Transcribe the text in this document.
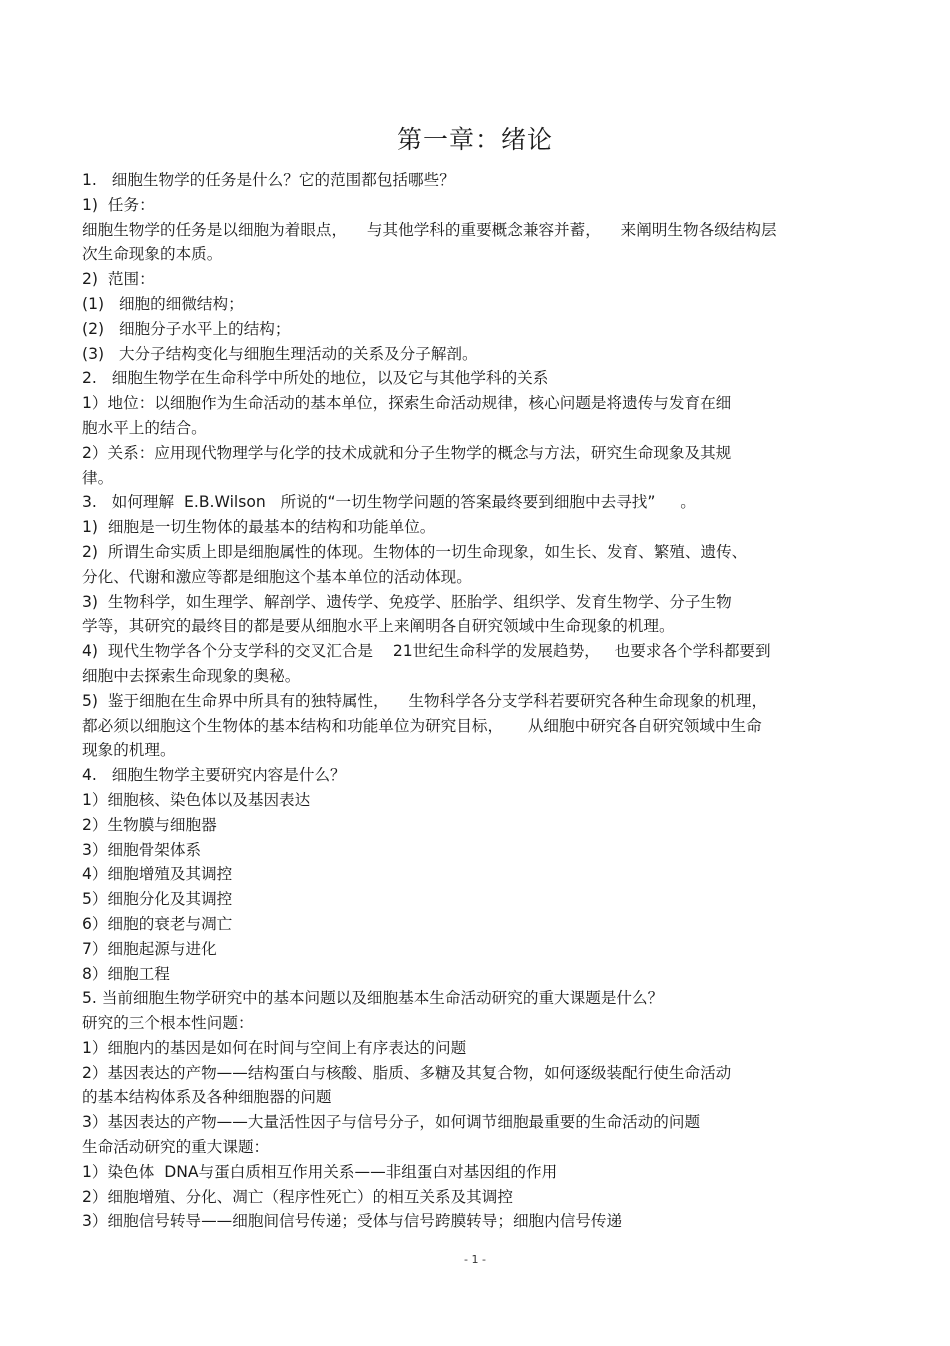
第一章：绪论
1.   细胞生物学的任务是什么？它的范围都包括哪些？
1)  任务：
细胞生物学的任务是以细胞为着眼点，    与其他学科的重要概念兼容并蓄，    来阐明生物各级结构层
次生命现象的本质。
2)  范围：
(1)   细胞的细微结构；
(2)   细胞分子水平上的结构；
(3)   大分子结构变化与细胞生理活动的关系及分子解剖。
2.   细胞生物学在生命科学中所处的地位，以及它与其他学科的关系
1）地位：以细胞作为生命活动的基本单位，探索生命活动规律，核心问题是将遗传与发育在细
胞水平上的结合。
2）关系：应用现代物理学与化学的技术成就和分子生物学的概念与方法，研究生命现象及其规
律。
3.   如何理解  E.B.Wilson   所说的“一切生物学问题的答案最终要到细胞中去寻找”     。
1)  细胞是一切生物体的最基本的结构和功能单位。
2)  所谓生命实质上即是细胞属性的体现。生物体的一切生命现象，如生长、发育、繁殖、遗传、
分化、代谢和激应等都是细胞这个基本单位的活动体现。
3)  生物科学，如生理学、解剖学、遗传学、免疫学、胚胎学、组织学、发育生物学、分子生物
学等，其研究的最终目的都是要从细胞水平上来阐明各自研究领域中生命现象的机理。
4)  现代生物学各个分支学科的交叉汇合是    21世纪生命科学的发展趋势，   也要求各个学科都要到
细胞中去探索生命现象的奥秘。
5)  鉴于细胞在生命界中所具有的独特属性，    生物科学各分支学科若要研究各种生命现象的机理，
都必须以细胞这个生物体的基本结构和功能单位为研究目标，     从细胞中研究各自研究领域中生命
现象的机理。
4.   细胞生物学主要研究内容是什么？
1）细胞核、染色体以及基因表达
2）生物膜与细胞器
3）细胞骨架体系
4）细胞增殖及其调控
5）细胞分化及其调控
6）细胞的衰老与凋亡
7）细胞起源与进化
8）细胞工程
5. 当前细胞生物学研究中的基本问题以及细胞基本生命活动研究的重大课题是什么？
研究的三个根本性问题：
1）细胞内的基因是如何在时间与空间上有序表达的问题
2）基因表达的产物——结构蛋白与核酸、脂质、多糖及其复合物，如何逐级装配行使生命活动
的基本结构体系及各种细胞器的问题
3）基因表达的产物——大量活性因子与信号分子，如何调节细胞最重要的生命活动的问题
生命活动研究的重大课题：
1）染色体  DNA与蛋白质相互作用关系——非组蛋白对基因组的作用
2）细胞增殖、分化、凋亡（程序性死亡）的相互关系及其调控
3）细胞信号转导——细胞间信号传递；受体与信号跨膜转导；细胞内信号传递
- 1 -
